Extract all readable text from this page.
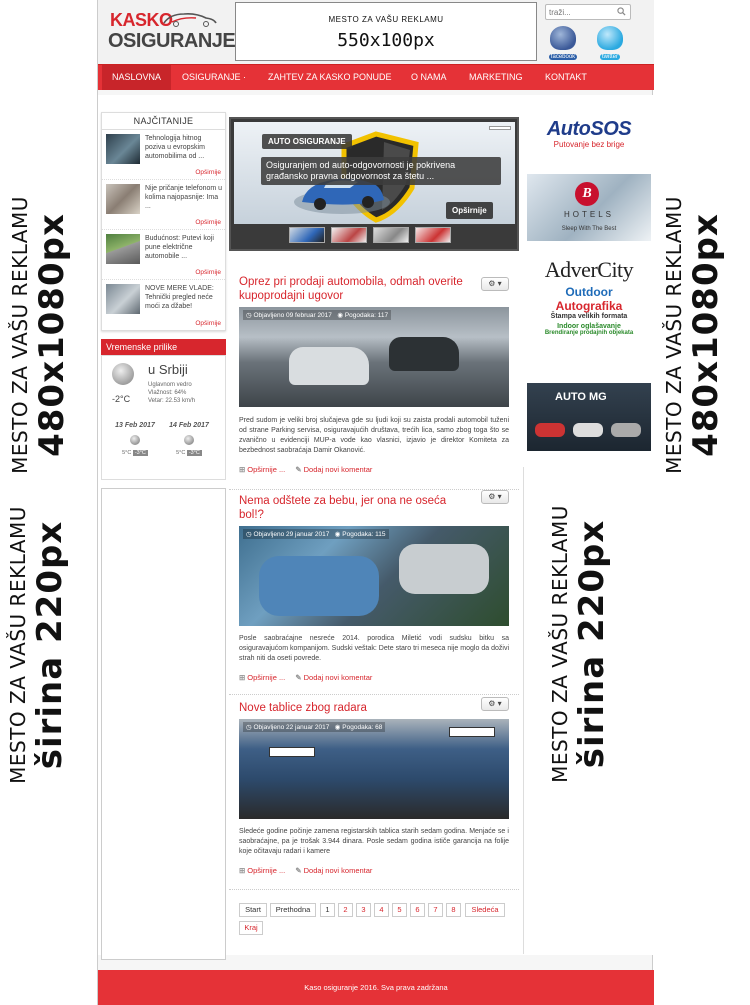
MESTO ZA VAŠU REKLAMU 480x1080px
MESTO ZA VAŠU REKLAMU širina 220px
MESTO ZA VAŠU REKLAMU 480x1080px
KASKO
OSIGURANJE
MESTO ZA VAŠU REKLAMU
550x100px
traži...
facebook	twitter
NASLOVNA	OSIGURANJE ·	ZAHTEV ZA KASKO PONUDE	O NAMA	MARKETING	KONTAKT
NAJČITANIJE
Tehnologija hitnog poziva u evropskim automobilima od ...
Opširnije
Nije pričanje telefonom u kolima najopasnije: Ima ...
Opširnije
Budućnost: Putevi koji pune električne automobile ...
Opširnije
NOVE MERE VLADE: Tehnički pregled neće moći za džabe!
Opširnije
Vremenske prilike
u Srbiji
-2°C
Uglavnom vedro
Vlažnost: 64%
Vetar: 22.53 km/h
13 Feb 2017
5°C -3°C
14 Feb 2017
5°C -3°C
AUTO OSIGURANJE
Osiguranjem od auto-odgovornosti je pokrivena građansko pravna odgovornost za štetu ...
Opširnije
Oprez pri prodaji automobila, odmah overite kupoprodajni ugovor
⚙ ▾
◷ Objavljeno 09 februar 2017 ◉ Pogodaka: 117
Pred sudom je veliki broj slučajeva gde su ljudi koji su zaista prodali automobil tuženi od strane Parking servisa, osiguravajućih društava, trećih lica, samo zbog toga što se zvanično u evidenciji MUP-a vode kao vlasnici, izjavio je direktor Komiteta za bezbednost saobraćaja Damir Okanović.
⊞ Opširnije ... ✎ Dodaj novi komentar
Nema odštete za bebu, jer ona ne oseća bol!?
⚙ ▾
◷ Objavljeno 29 januar 2017 ◉ Pogodaka: 115
Posle saobraćajne nesreće 2014. porodica Miletić vodi sudsku bitku sa osiguravajućom kompanijom. Sudski veštak: Dete staro tri meseca nije moglo da doživi strah niti da oseti povrede.
⊞ Opširnije ... ✎ Dodaj novi komentar
Nove tablice zbog radara	⚙ ▾
◷ Objavljeno 22 januar 2017 ◉ Pogodaka: 68
Sledeće godine počinje zamena registarskih tablica starih sedam godina. Menjaće se i saobraćajne, pa je trošak 3.944 dinara. Posle sedam godina ističe garancija na folije koje očitavaju radari i kamere
⊞ Opširnije ... ✎ Dodaj novi komentar
Start	Prethodna	1	2	3	4	5	6	7	8	Sledeća
Kraj
AutoSOS
Putovanje bez brige
B
HOTELS
Sleep With The Best
AdverCity
Outdoor
Autografika
Štampa velikih formata
Indoor oglašavanje
Brendiranje prodajnih objekata
AUTO MG
MESTO ZA VAŠU REKLAMU širina 220px
Kaso osiguranje 2016. Sva prava zadržana
